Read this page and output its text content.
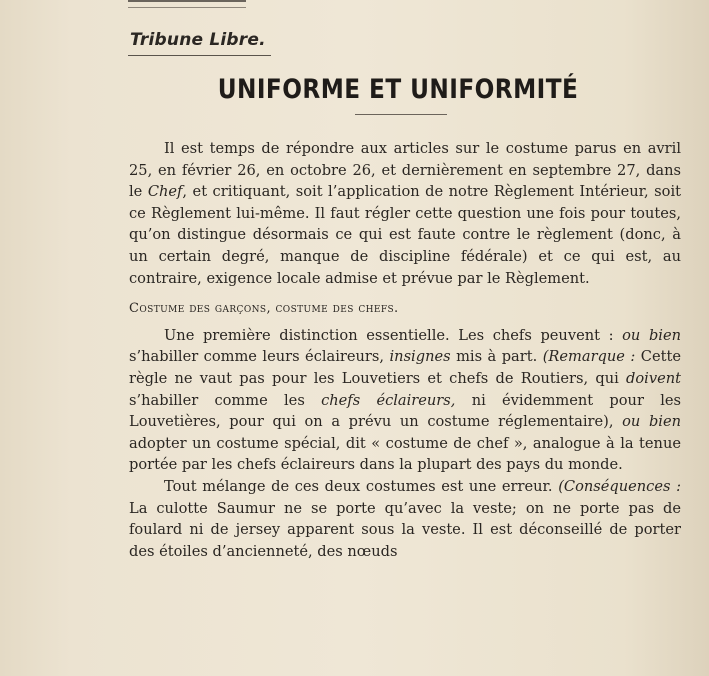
Tribune Libre.
UNIFORME ET UNIFORMITÉ

Il est temps de répondre aux articles sur le costume parus en avril 25, en février 26, en octobre 26, et dernièrement en septembre 27, dans le Chef, et critiquant, soit l’application de notre Règlement Intérieur, soit ce Règlement lui-même. Il faut régler cette question une fois pour toutes, qu’on distingue désormais ce qui est faute contre le règlement (donc, à un certain degré, manque de discipline fédérale) et ce qui est, au contraire, exigence locale admise et prévue par le Règlement.

Costume des garçons, costume des chefs.

Une première distinction essentielle. Les chefs peuvent : ou bien s’habiller comme leurs éclaireurs, insignes mis à part. (Remarque : Cette règle ne vaut pas pour les Louvetiers et chefs de Routiers, qui doivent s’habiller comme les chefs éclaireurs, ni évidemment pour les Louvetières, pour qui on a prévu un costume réglementaire), ou bien adopter un costume spécial, dit « costume de chef », analogue à la tenue portée par les chefs éclaireurs dans la plupart des pays du monde.

Tout mélange de ces deux costumes est une erreur. (Conséquences : La culotte Saumur ne se porte qu’avec la veste; on ne porte pas de foulard ni de jersey apparent sous la veste. Il est déconseillé de porter des étoiles d’ancienneté, des nœuds
